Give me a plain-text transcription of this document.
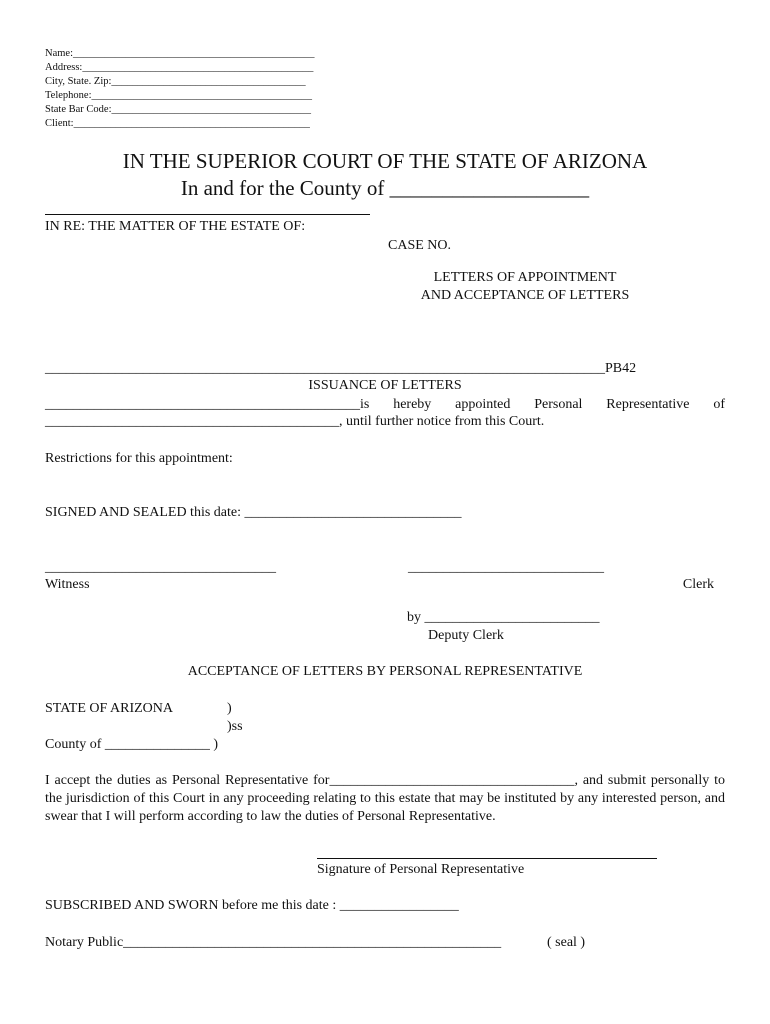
Name:______________________________________________
Address:____________________________________________
City, State. Zip:_____________________________________
Telephone:__________________________________________
State Bar Code:______________________________________
Client:_____________________________________________
IN THE SUPERIOR COURT OF THE STATE OF ARIZONA
In and for the County of ___________________
IN RE: THE MATTER OF THE ESTATE OF:
CASE NO.
LETTERS OF APPOINTMENT
AND ACCEPTANCE OF LETTERS
________________________________________________________________________________PB42
ISSUANCE OF LETTERS
_____________________________________________is hereby appointed Personal Representative of
__________________________________________, until further notice from this Court.
Restrictions for this appointment:
SIGNED AND SEALED this date: _______________________________
_________________________________
Witness
____________________________
Clerk
by _________________________
Deputy Clerk
ACCEPTANCE OF LETTERS BY PERSONAL REPRESENTATIVE
STATE OF ARIZONA	)
)ss
County of _______________ )
I accept the duties as Personal Representative for___________________________________, and submit personally to the jurisdiction of this Court in any proceeding relating to this estate that may be instituted by any interested person, and swear that I will perform according to law the duties of Personal Representative.
Signature of Personal Representative
SUBSCRIBED AND SWORN before me this date : _________________
Notary Public______________________________________________________	( seal )
